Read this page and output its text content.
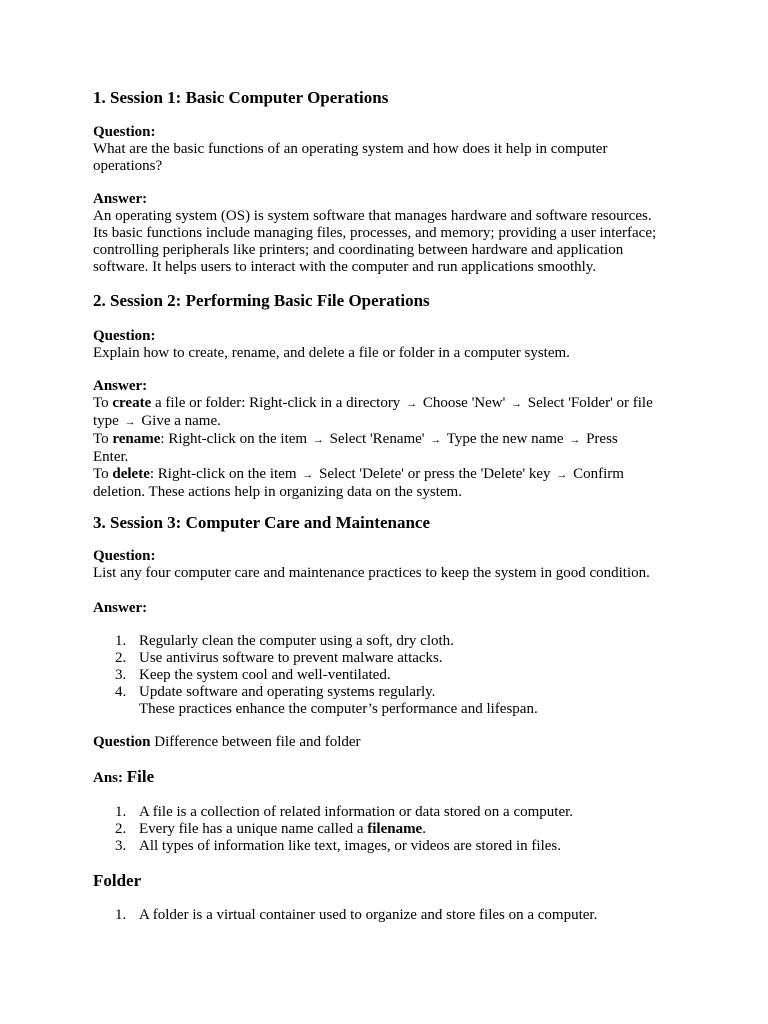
1. Session 1: Basic Computer Operations

Question:
What are the basic functions of an operating system and how does it help in computer
operations?

Answer:
An operating system (OS) is system software that manages hardware and software resources.
Its basic functions include managing files, processes, and memory; providing a user interface;
controlling peripherals like printers; and coordinating between hardware and application
software. It helps users to interact with the computer and run applications smoothly.

2. Session 2: Performing Basic File Operations

Question:
Explain how to create, rename, and delete a file or folder in a computer system.

Answer:
To create a file or folder: Right-click in a directory → Choose 'New' → Select 'Folder' or file
type → Give a name.
To rename: Right-click on the item → Select 'Rename' → Type the new name → Press
Enter.
To delete: Right-click on the item → Select 'Delete' or press the 'Delete' key → Confirm
deletion. These actions help in organizing data on the system.

3. Session 3: Computer Care and Maintenance

Question:
List any four computer care and maintenance practices to keep the system in good condition.

Answer:

1. Regularly clean the computer using a soft, dry cloth.
2. Use antivirus software to prevent malware attacks.
3. Keep the system cool and well-ventilated.
4. Update software and operating systems regularly.
These practices enhance the computer’s performance and lifespan.

Question Difference between file and folder

Ans: File

1. A file is a collection of related information or data stored on a computer.
2. Every file has a unique name called a filename.
3. All types of information like text, images, or videos are stored in files.
Folder
1. A folder is a virtual container used to organize and store files on a computer.
